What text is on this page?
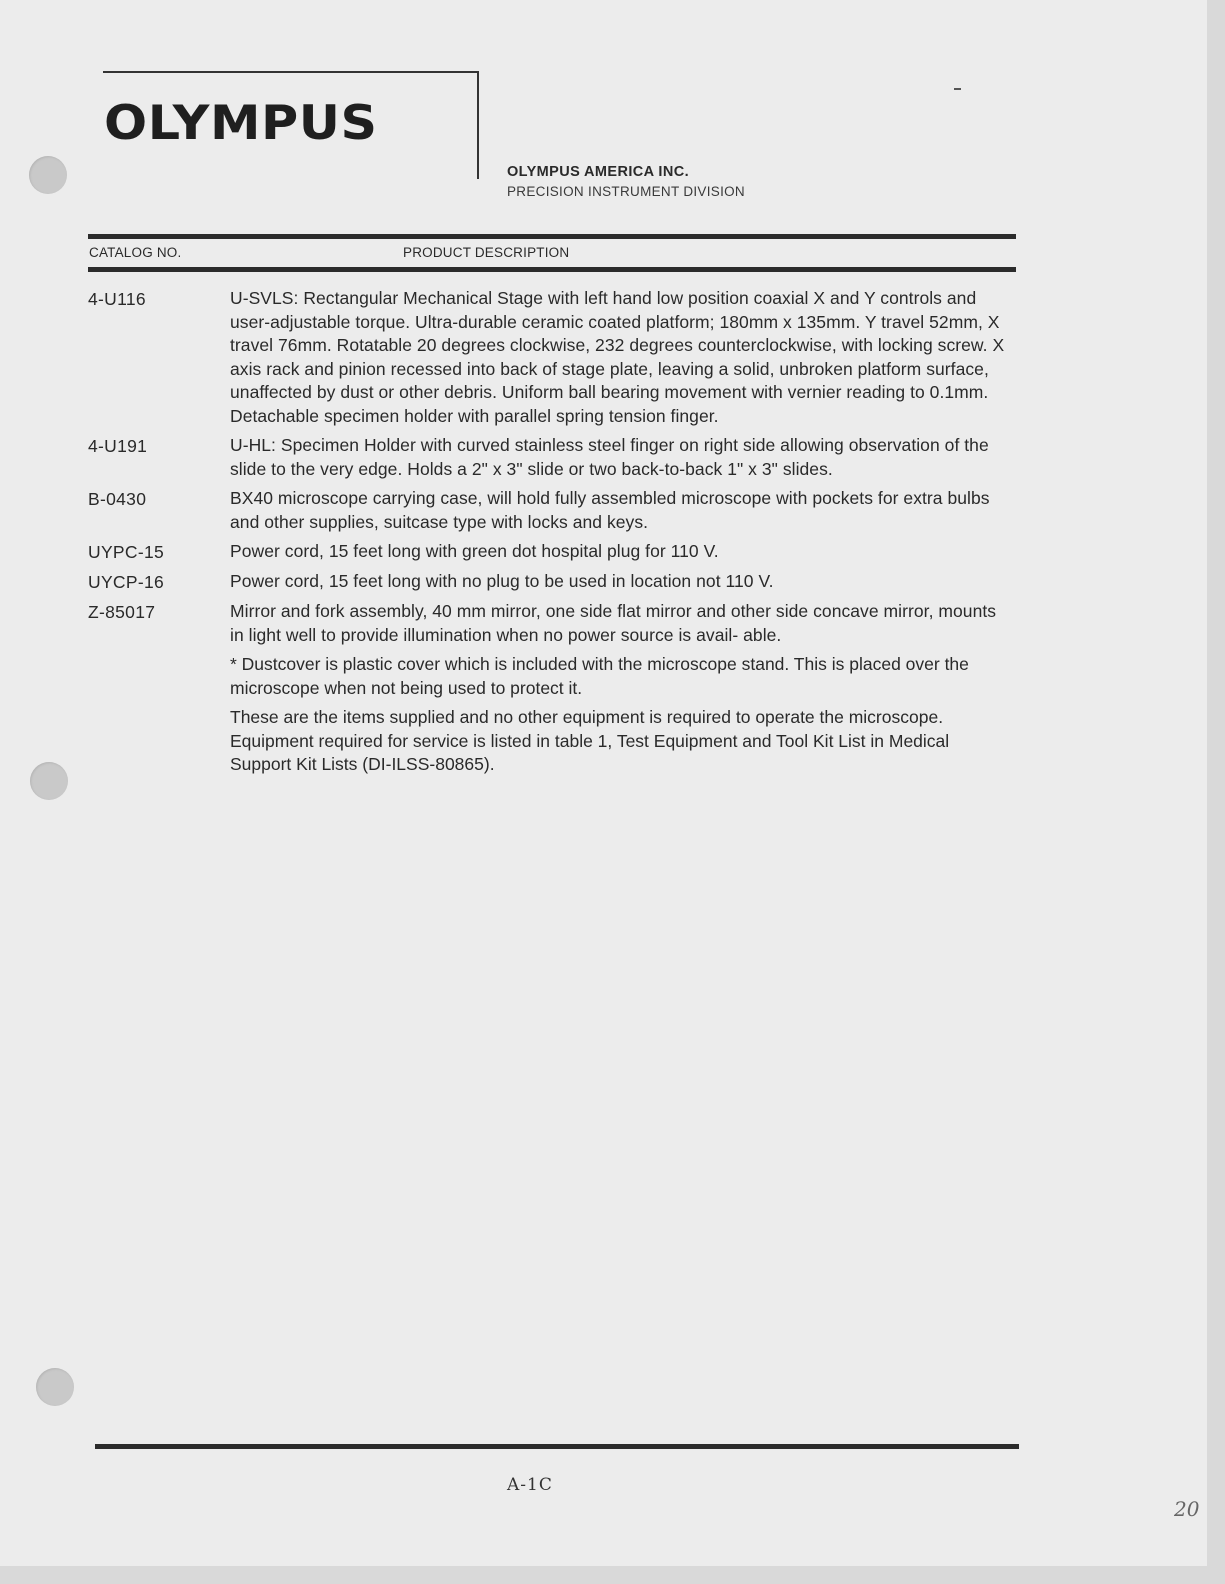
OLYMPUS
OLYMPUS AMERICA INC.
PRECISION INSTRUMENT DIVISION
CATALOG NO.	PRODUCT DESCRIPTION
4-U116	U-SVLS: Rectangular Mechanical Stage with left hand low position coaxial X and Y controls and user-adjustable torque. Ultra-durable ceramic coated platform; 180mm x 135mm. Y travel 52mm, X travel 76mm. Rotatable 20 degrees clockwise, 232 degrees counterclockwise, with locking screw. X axis rack and pinion recessed into back of stage plate, leaving a solid, unbroken platform surface, unaffected by dust or other debris. Uniform ball bearing movement with vernier reading to 0.1mm. Detachable specimen holder with parallel spring tension finger.
4-U191	U-HL: Specimen Holder with curved stainless steel finger on right side allowing observation of the slide to the very edge. Holds a 2" x 3" slide or two back-to-back 1" x 3" slides.
B-0430	BX40 microscope carrying case, will hold fully assembled microscope with pockets for extra bulbs and other supplies, suitcase type with locks and keys.
UYPC-15	Power cord, 15 feet long with green dot hospital plug for 110 V.
UYCP-16	Power cord, 15 feet long with no plug to be used in location not 110 V.
Z-85017	Mirror and fork assembly, 40 mm mirror, one side flat mirror and other side concave mirror, mounts in light well to provide illumination when no power source is avail- able.
* Dustcover is plastic cover which is included with the microscope stand. This is placed over the microscope when not being used to protect it.
These are the items supplied and no other equipment is required to operate the microscope. Equipment required for service is listed in table 1, Test Equipment and Tool Kit List in Medical Support Kit Lists (DI-ILSS-80865).
A-1C
20
